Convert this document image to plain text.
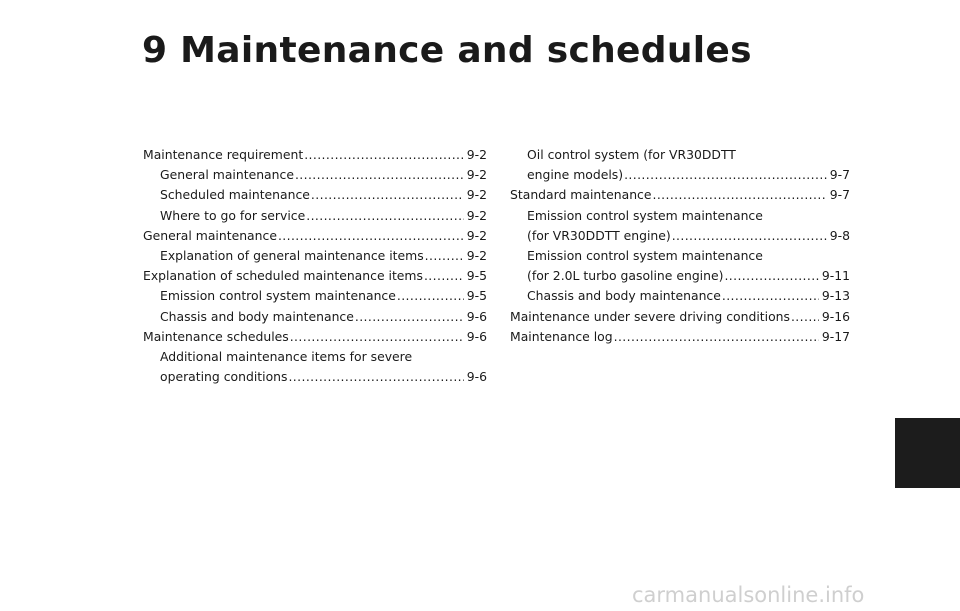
9 Maintenance and schedules
Maintenance requirement .....	9-2
General maintenance .....	9-2
Scheduled maintenance .....	9-2
Where to go for service .....	9-2
General maintenance .....	9-2
Explanation of general maintenance items .....	9-2
Explanation of scheduled maintenance items .....	9-5
Emission control system maintenance .....	9-5
Chassis and body maintenance .....	9-6
Maintenance schedules .....	9-6
Additional maintenance items for severe
operating conditions .....	9-6
Oil control system (for VR30DDTT
engine models) .....	9-7
Standard maintenance .....	9-7
Emission control system maintenance
(for VR30DDTT engine) .....	9-8
Emission control system maintenance
(for 2.0L turbo gasoline engine) .....	9-11
Chassis and body maintenance .....	9-13
Maintenance under severe driving conditions .....	9-16
Maintenance log .....	9-17
carmanualsonline.info
